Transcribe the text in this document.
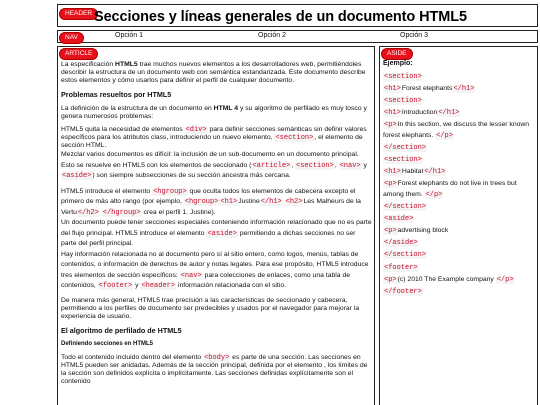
HEADER Secciones y líneas generales de un documento HTML5
NAV	Opción 1	Opción 2	Opción 3
ARTICLE

La especificación HTML5 trae muchos nuevos elementos a los desarrolladores web, permitiéndoles describir la estructura de un documento web con semántica estandarizada. Este documento describe estos elementos y cómo usarlos para definir el perfil de cualquier documento.

Problemas resueltos por HTML5

La definición de la estructura de un documento en HTML 4 y su algoritmo de perfilado es muy tosco y genera numerosos problemas:

HTML5 quita la necesidad de elementos <div> para definir secciones semánticas sin definir valores específicos para los atributos class, introduciendo un nuevo elemento, <section>, el elemento de sección HTML.

Mezclar varios documentos es difícil: la inclusión de un sub-documento en un documento principal. Esto se resuelve en HTML5 con los elementos de seccionado (<article>, <section>, <nav> y <aside>) son siempre subsecciones de su sección ancestra más cercana.

HTML5 introduce el elemento <hgroup> que oculta todos los elementos de cabecera excepto el primero de más alto rango (por ejemplo, <hgroup> <h1>Justine</h1> <h2>Les Malheurs de la Vertu</h2> </hgroup> crea el perfil 1. Justine).

Un documento puede tener secciones especiales conteniendo información relacionado que no es parte del flujo principal. HTML5 introduce el elemento <aside> permitiendo a dichas secciones no ser parte del perfil principal.

Hay información relacionada no al documento pero sí al sitio entero, como logos, menús, tablas de contenidos, o información de derechos de autor y notas legales. Para ese propósito, HTML5 introduce tres elementos de sección específicos: <nav> para colecciones de enlaces, como una tabla de contenidos, <footer> y <header> información relacionada con el sitio.

De manera más general, HTML5 trae precisión a las características de seccionado y cabecera, permitiendo a los perfiles de documento ser predecibles y usados por el navegador para mejorar la experiencia de usuario.

El algoritmo de perfilado de HTML5
Definiendo secciones en HTML5

Todo el contenido incluido dentro del elemento <body> es parte de una sección. Las secciones en HTML5 pueden ser anidadas. Además de la sección principal, definida por el elemento , los límites de la sección son definidos explícita o implícitamente. Las secciones definidas explícitamente son el contenido

ASIDE
Ejemplo:
<section>
<h1>Forest elephants</h1>
<section>
<h1>Introduction</h1>
<p>In this section, we discuss the lesser known forest elephants. </p>
</section>
<section>
<h1>Habitat</h1>
<p>Forest elephants do not live in trees but among them. </p>
</section>
<aside>
<p>advertising block
</aside>
</section>
<footer>
<p>(c) 2010 The Example company </p>
</footer>
